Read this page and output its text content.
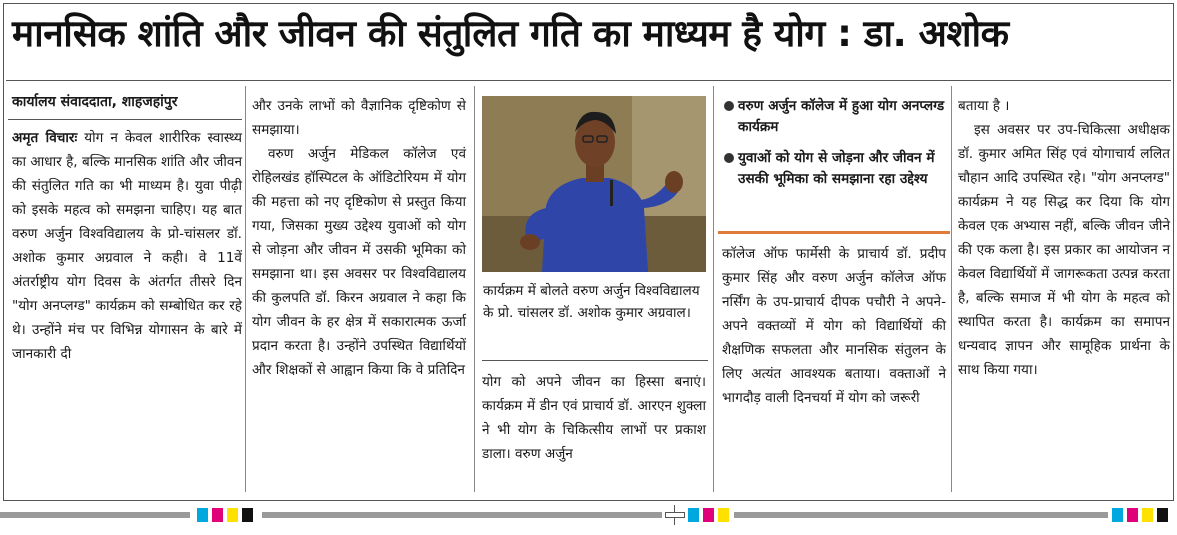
मानसिक शांति और जीवन की संतुलित गति का माध्यम है योग : डा. अशोक
कार्यालय संवाददाता, शाहजहांपुर

अमृत विचारः योग न केवल शारीरिक स्वास्थ्य का आधार है, बल्कि मानसिक शांति और जीवन की संतुलित गति का भी माध्यम है। युवा पीढ़ी को इसके महत्व को समझना चाहिए। यह बात वरुण अर्जुन विश्वविद्यालय के प्रो-चांसलर डॉ. अशोक कुमार अग्रवाल ने कही। वे 11वें अंतर्राष्ट्रीय योग दिवस के अंतर्गत तीसरे दिन "योग अनप्लग्ड" कार्यक्रम को सम्बोधित कर रहे थे। उन्होंने मंच पर विभिन्न योगासन के बारे में जानकारी दी

और उनके लाभों को वैज्ञानिक दृष्टिकोण से समझाया।

वरुण अर्जुन मेडिकल कॉलेज एवं रोहिलखंड हॉस्पिटल के ऑडिटोरियम में योग की महत्ता को नए दृष्टिकोण से प्रस्तुत किया गया, जिसका मुख्य उद्देश्य युवाओं को योग से जोड़ना और जीवन में उसकी भूमिका को समझाना था। इस अवसर पर विश्वविद्यालय की कुलपति डॉ. किरन अग्रवाल ने कहा कि योग जीवन के हर क्षेत्र में सकारात्मक ऊर्जा प्रदान करता है। उन्होंने उपस्थित विद्यार्थियों और शिक्षकों से आह्वान किया कि वे प्रतिदिन

कार्यक्रम में बोलते वरुण अर्जुन विश्वविद्यालय के प्रो. चांसलर डॉ. अशोक कुमार अग्रवाल।

योग को अपने जीवन का हिस्सा बनाएं। कार्यक्रम में डीन एवं प्राचार्य डॉ. आरएन शुक्ला ने भी योग के चिकित्सीय लाभों पर प्रकाश डाला। वरुण अर्जुन

वरुण अर्जुन कॉलेज में हुआ योग अनप्लग्ड कार्यक्रम
युवाओं को योग से जोड़ना और जीवन में उसकी भूमिका को समझाना रहा उद्देश्य

कॉलेज ऑफ फार्मेसी के प्राचार्य डॉ. प्रदीप कुमार सिंह और वरुण अर्जुन कॉलेज ऑफ नर्सिंग के उप-प्राचार्य दीपक पचौरी ने अपने-अपने वक्तव्यों में योग को विद्यार्थियों की शैक्षणिक सफलता और मानसिक संतुलन के लिए अत्यंत आवश्यक बताया। वक्ताओं ने भागदौड़ वाली दिनचर्या में योग को जरूरी

बताया है ।

इस अवसर पर उप-चिकित्सा अधीक्षक डॉ. कुमार अमित सिंह एवं योगाचार्य ललित चौहान आदि उपस्थित रहे। "योग अनप्लग्ड" कार्यक्रम ने यह सिद्ध कर दिया कि योग केवल एक अभ्यास नहीं, बल्कि जीवन जीने की एक कला है। इस प्रकार का आयोजन न केवल विद्यार्थियों में जागरूकता उत्पन्न करता है, बल्कि समाज में भी योग के महत्व को स्थापित करता है। कार्यक्रम का समापन धन्यवाद ज्ञापन और सामूहिक प्रार्थना के साथ किया गया।
